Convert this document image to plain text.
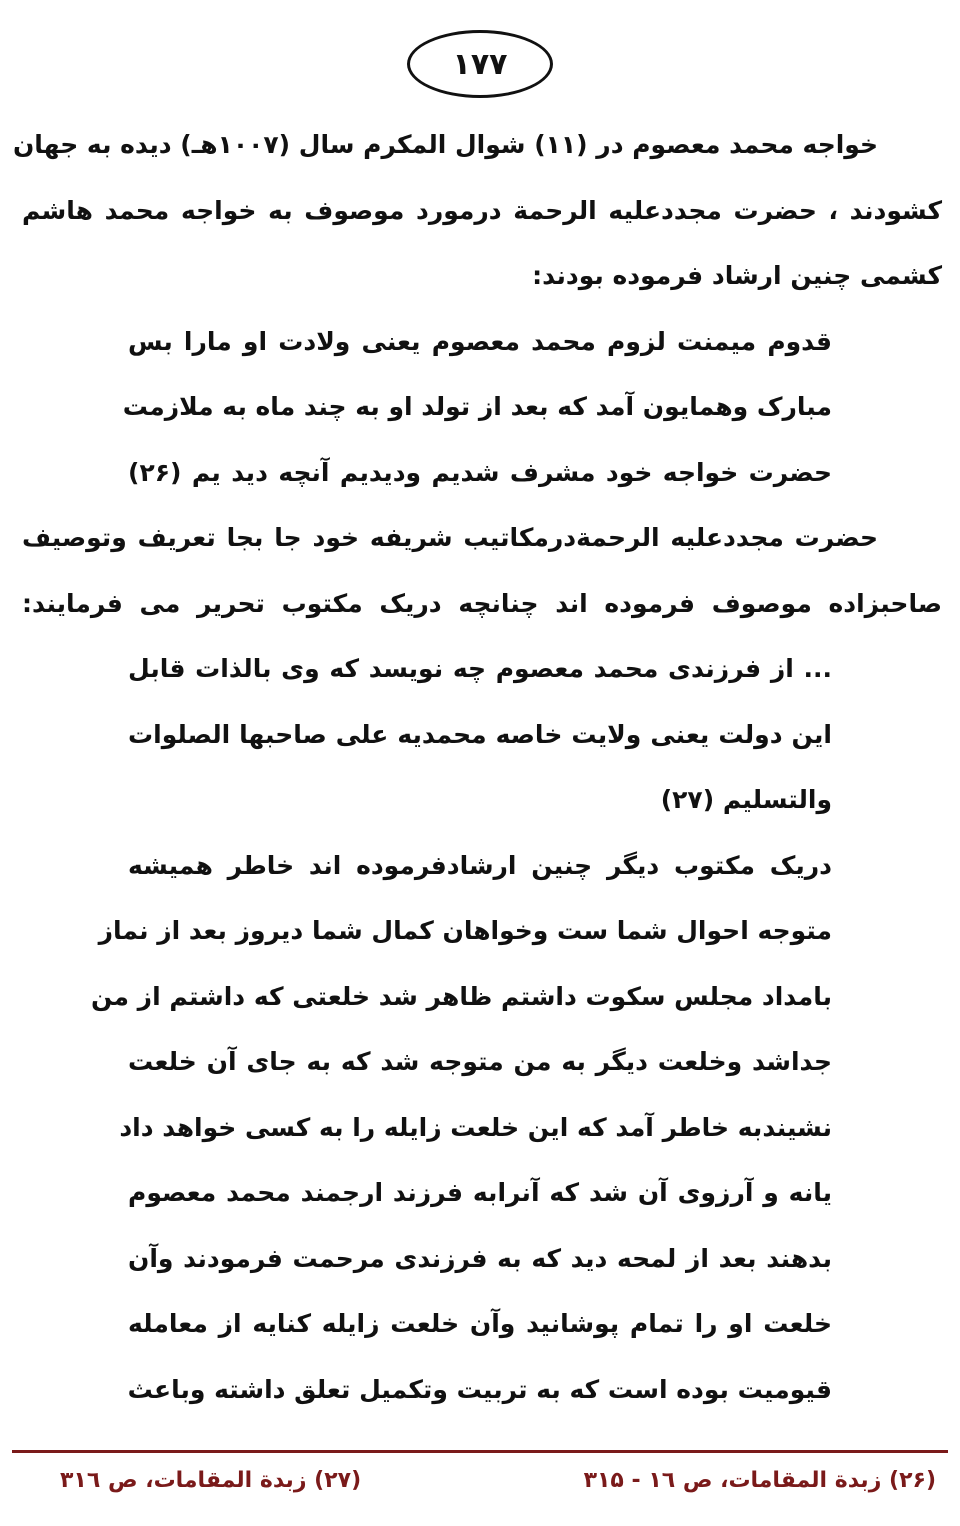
۱۷۷
خواجه محمد معصوم در (۱۱) شوال المکرم سال (۱۰۰۷هـ) دیده به جهان
کشودند ، حضرت مجددعلیه الرحمة درمورد موصوف به خواجه محمد هاشم
کشمی چنین ارشاد فرموده بودند:
قدوم میمنت لزوم محمد معصوم یعنی ولادت او مارا بس
مبارک وهمایون آمد که بعد از تولد او به چند ماه به ملازمت
حضرت خواجه خود مشرف شدیم ودیدیم آنچه دید یم (۲۶)
حضرت مجددعلیه الرحمةدرمکاتیب شریفه خود جا بجا تعریف وتوصیف
صاحبزاده موصوف فرموده اند چنانچه دریک مکتوب تحریر می فرمایند:
... از فرزندی محمد معصوم چه نویسد که وی بالذات قابل
این دولت یعنی ولایت خاصه محمدیه علی صاحبها الصلوات
والتسلیم (۲۷)
دریک مکتوب دیگر چنین ارشادفرموده اند خاطر همیشه
متوجه احوال شما ست وخواهان کمال شما دیروز بعد از نماز
بامداد مجلس سکوت داشتم ظاهر شد خلعتی که داشتم از من
جداشد وخلعت دیگر به من متوجه شد که به جای آن خلعت
نشیندبه خاطر آمد که این خلعت زایله را به کسی خواهد داد
یانه و آرزوی آن شد که آنرابه فرزند ارجمند محمد معصوم
بدهند بعد از لمحه دید که به فرزندی مرحمت فرمودند وآن
خلعت او را تمام پوشانید وآن خلعت زایله کنایه از معامله
قیومیت بوده است که به تربیت وتکمیل تعلق داشته وباعث
(۲۶) زبدة المقامات، ص ۱٦ - ۳۱۵
(۲۷) زبدة المقامات، ص ۳۱٦
